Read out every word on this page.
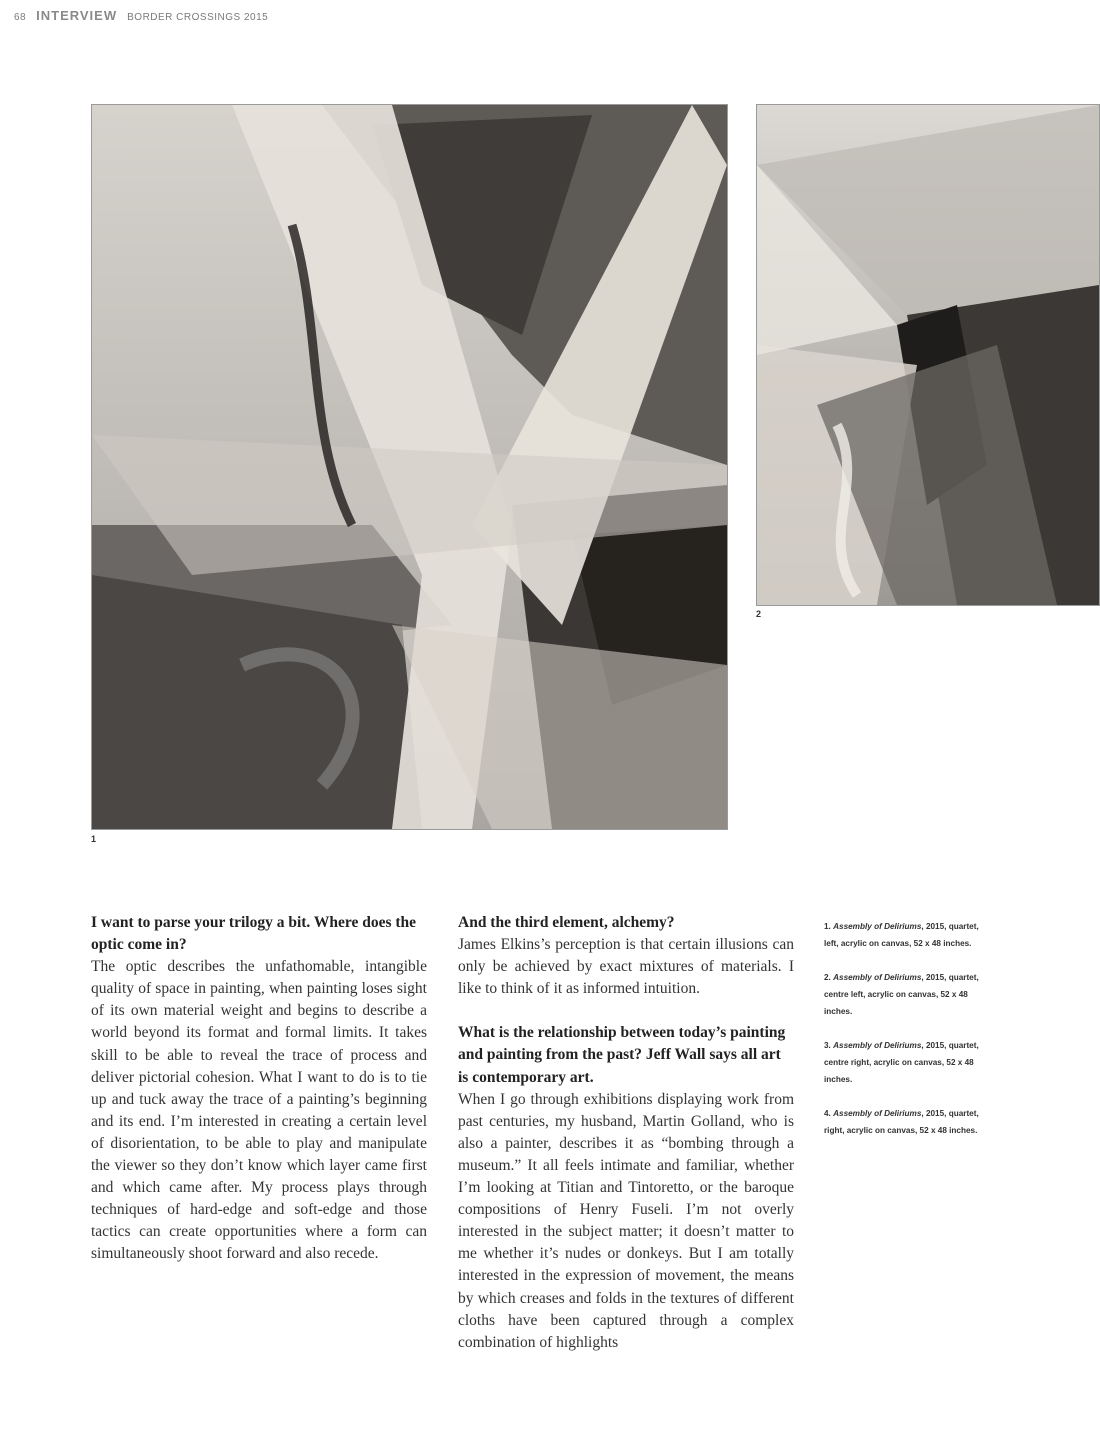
68 INTERVIEW BORDER CROSSINGS 2015
1
2

I want to parse your trilogy a bit. Where does the optic come in?

The optic describes the unfathomable, intangible quality of space in painting, when painting loses sight of its own material weight and begins to describe a world beyond its format and formal limits. It takes skill to be able to reveal the trace of process and deliver pictorial cohesion. What I want to do is to tie up and tuck away the trace of a painting’s beginning and its end. I’m interested in creating a certain level of disorientation, to be able to play and manipulate the viewer so they don’t know which layer came first and which came after. My process plays through techniques of hard-edge and soft-edge and those tactics can create opportunities where a form can simultaneously shoot forward and also recede.

And the third element, alchemy?

James Elkins’s perception is that certain illusions can only be achieved by exact mixtures of materials. I like to think of it as informed intuition.

What is the relationship between today’s painting and painting from the past? Jeff Wall says all art is contemporary art.

When I go through exhibitions displaying work from past centuries, my husband, Martin Golland, who is also a painter, describes it as “bombing through a museum.” It all feels intimate and familiar, whether I’m looking at Titian and Tintoretto, or the baroque compositions of Henry Fuseli. I’m not overly interested in the subject matter; it doesn’t matter to me whether it’s nudes or donkeys. But I am totally interested in the expression of movement, the means by which creases and folds in the textures of different cloths have been captured through a complex combination of highlights

1. Assembly of Deliriums, 2015, quartet, left, acrylic on canvas, 52 x 48 inches.
2. Assembly of Deliriums, 2015, quartet, centre left, acrylic on canvas, 52 x 48 inches.
3. Assembly of Deliriums, 2015, quartet, centre right, acrylic on canvas, 52 x 48 inches.
4. Assembly of Deliriums, 2015, quartet, right, acrylic on canvas, 52 x 48 inches.
